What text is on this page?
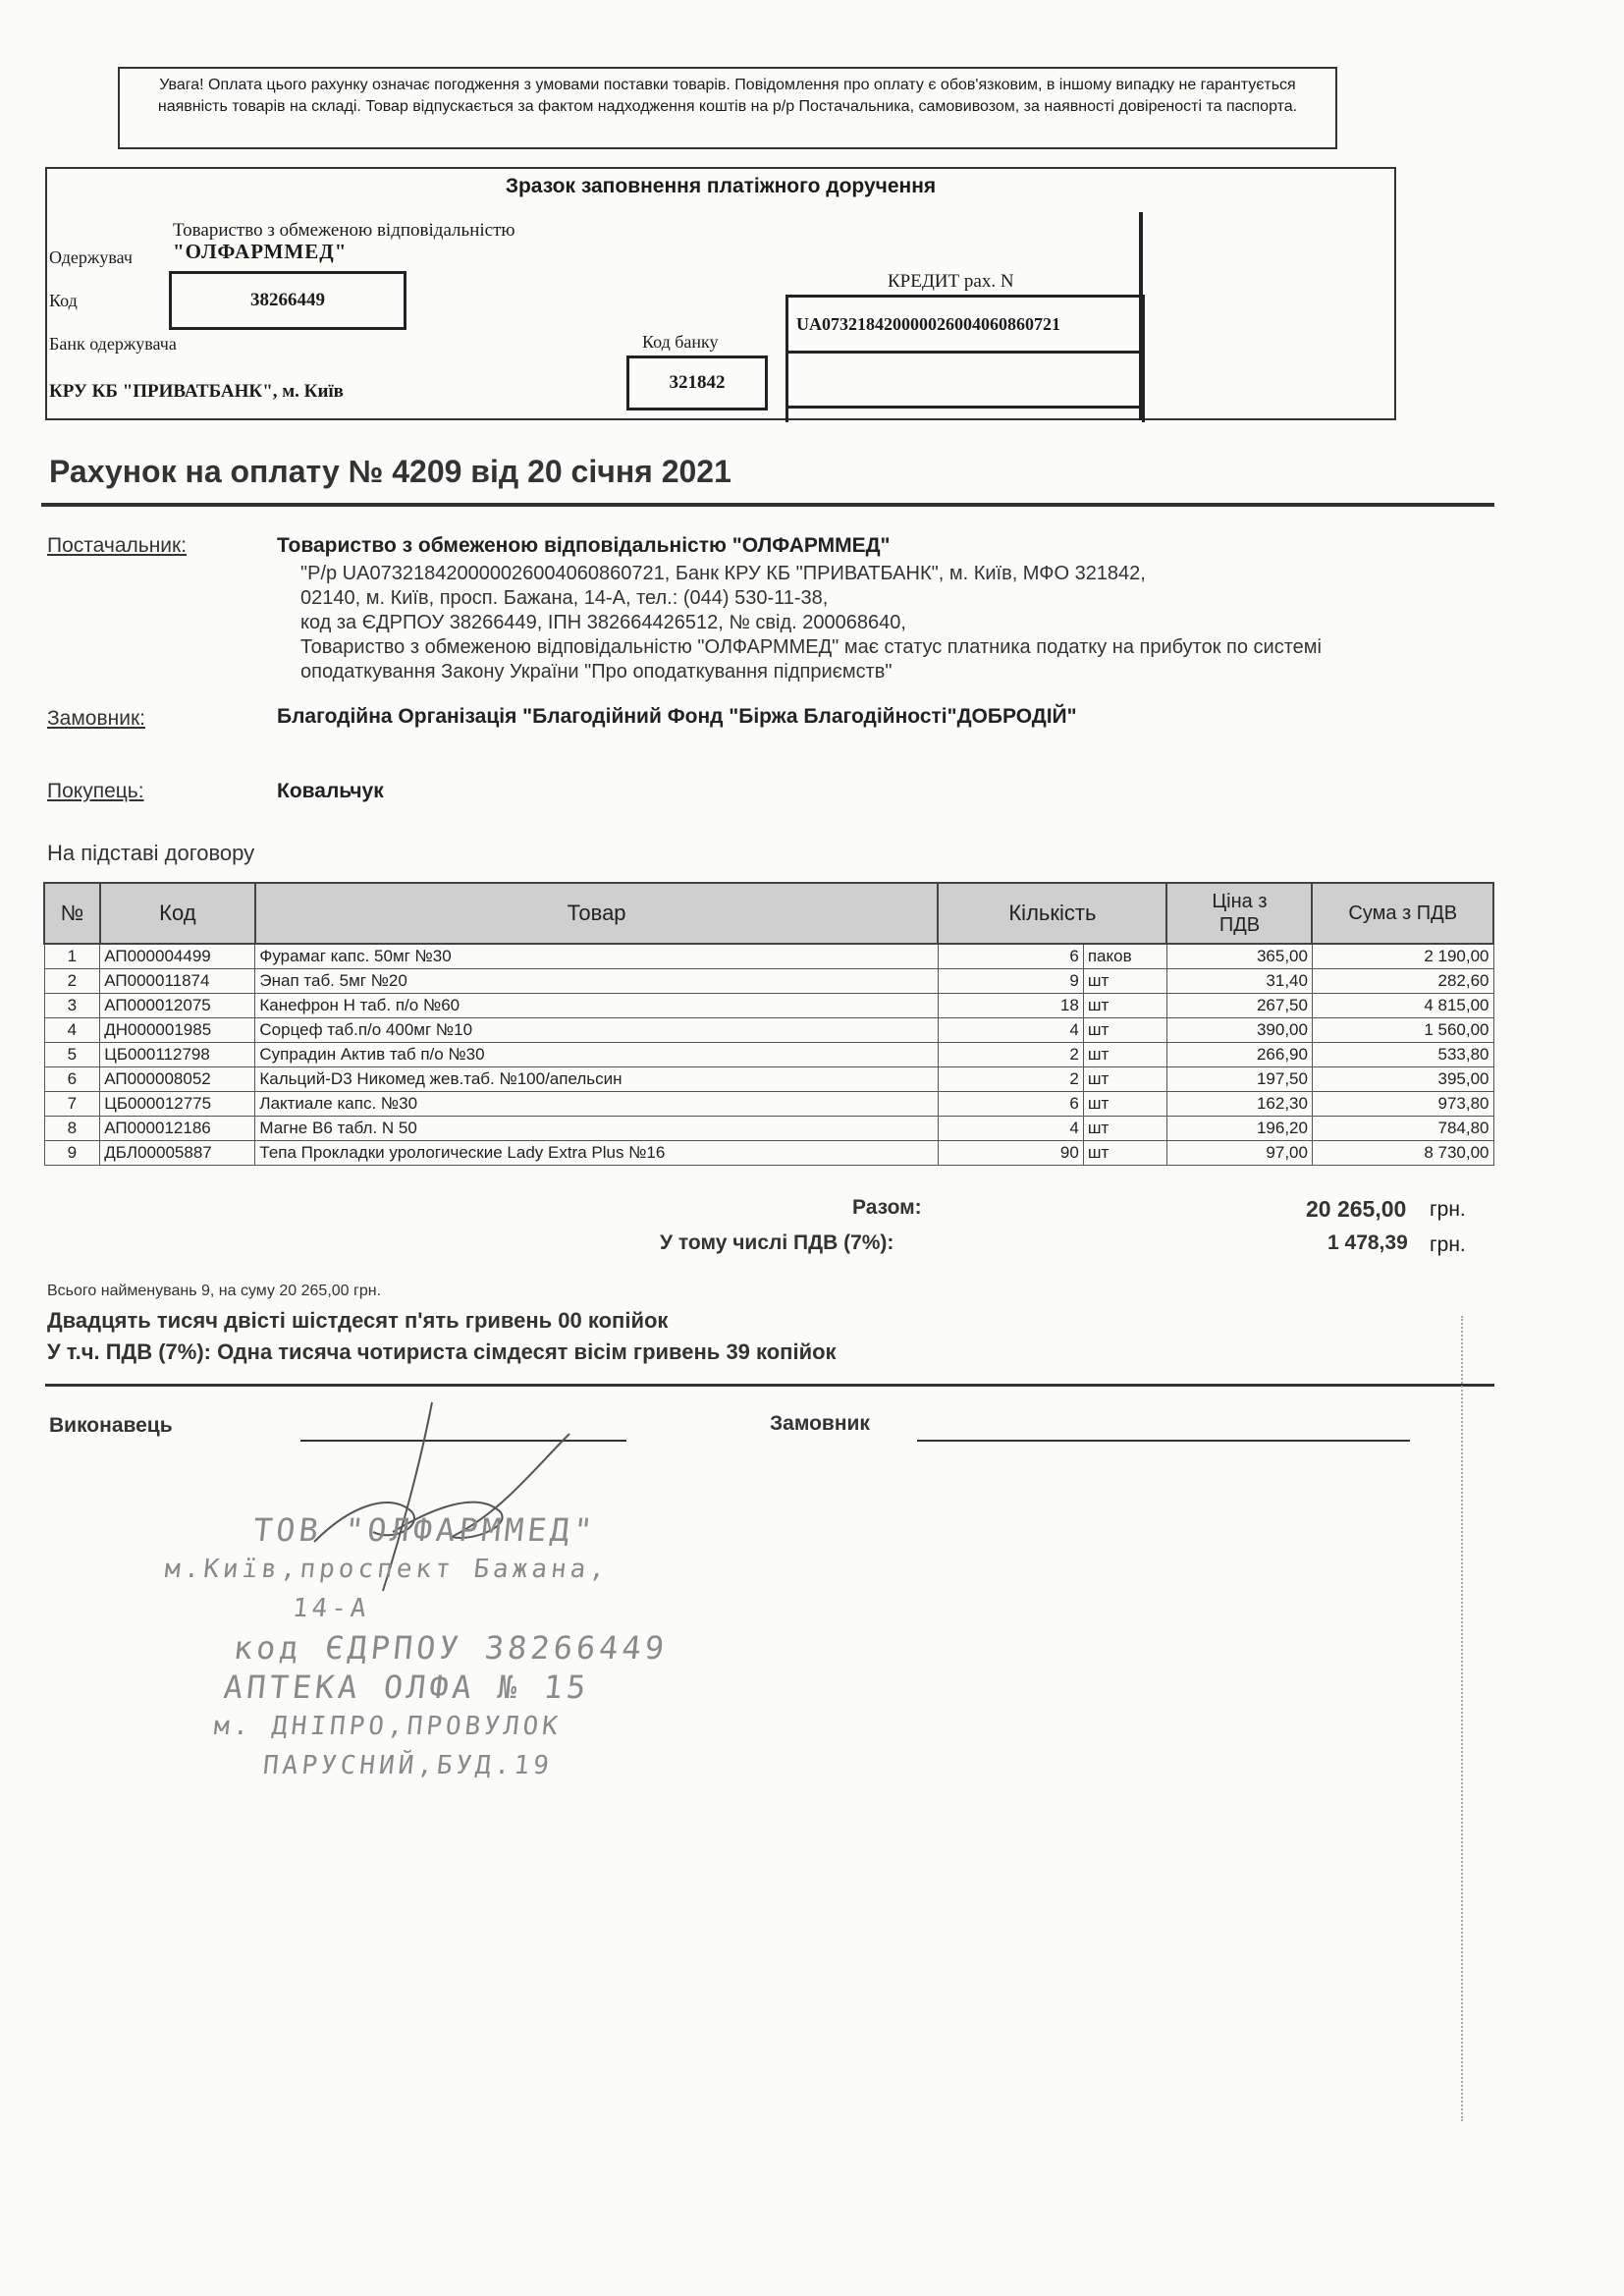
Увага! Оплата цього рахунку означає погодження з умовами поставки товарів. Повідомлення про оплату є обов'язковим, в іншому випадку не гарантується наявність товарів на складі. Товар відпускається за фактом надходження коштів на р/р Постачальника, самовивозом, за наявності довіреності та паспорта.
Зразок заповнення платіжного доручення
Товариство з обмеженою відповідальністю
Одержувач "ОЛФАРММЕД"
Код	38266449
Банк одержувача	Код банку
КРУ КБ "ПРИВАТБАНК", м. Київ	321842
КРЕДИТ рах. N
UA073218420000026004060860721
Рахунок на оплату № 4209 від 20 січня 2021
Постачальник:	Товариство з обмеженою відповідальністю "ОЛФАРММЕД"
"Р/р UA073218420000026004060860721, Банк КРУ КБ "ПРИВАТБАНК", м. Київ, МФО 321842,
02140, м. Київ, просп. Бажана, 14-А, тел.: (044) 530-11-38,
код за ЄДРПОУ 38266449, ІПН 382664426512, № свід. 200068640,
Товариство з обмеженою відповідальністю "ОЛФАРММЕД" має статус платника податку на прибуток по системі
оподаткування Закону України "Про оподаткування підприємств"
Замовник:	Благодійна Організація "Благодійний Фонд "Біржа Благодійності"ДОБРОДІЙ"
Покупець:	Ковальчук
На підставі договору
№	Код	Товар	Кількість		Ціна з ПДВ	Сума з ПДВ
1	АП000004499	Фурамаг капс. 50мг №30	6	паков	365,00	2 190,00
2	АП000011874	Энап таб. 5мг №20	9	шт	31,40	282,60
3	АП000012075	Канефрон Н таб. п/о №60	18	шт	267,50	4 815,00
4	ДН000001985	Сорцеф таб.п/о 400мг №10	4	шт	390,00	1 560,00
5	ЦБ000112798	Супрадин Актив таб п/о №30	2	шт	266,90	533,80
6	АП000008052	Кальций-D3 Никомед жев.таб. №100/апельсин	2	шт	197,50	395,00
7	ЦБ000012775	Лактиале капс. №30	6	шт	162,30	973,80
8	АП000012186	Магне В6 табл. N 50	4	шт	196,20	784,80
9	ДБЛ00005887	Тепа Прокладки урологические Lady Extra Plus №16	90	шт	97,00	8 730,00
Разом:	20 265,00 грн.
У тому числі ПДВ (7%):	1 478,39 грн.
Всього найменувань 9, на суму 20 265,00 грн.
Двадцять тисяч двісті шістдесят п'ять гривень 00 копійок
У т.ч. ПДВ (7%): Одна тисяча чотириста сімдесят вісім гривень 39 копійок
Виконавець	Замовник
ТОВ "ОЛФАРММЕД"
м.Київ,проспект Бажана,
14-А
код ЄДРПОУ 38266449
АПТЕКА ОЛФА № 15
м. ДНІПРО,ПРОВУЛОК
ПАРУСНИЙ,БУД.19
